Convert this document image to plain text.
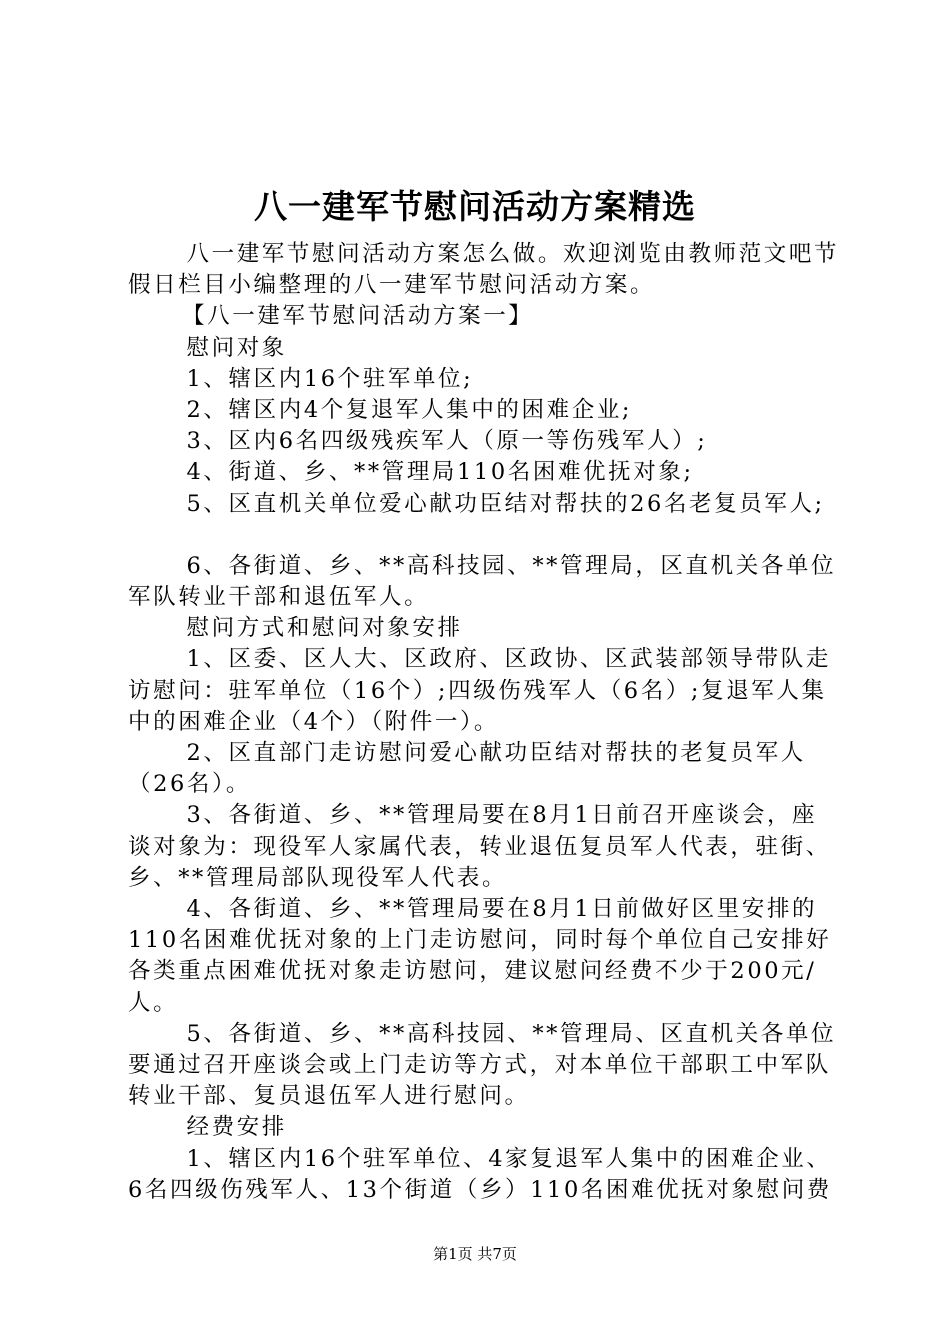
八一建军节慰问活动方案精选

八一建军节慰问活动方案怎么做。欢迎浏览由教师范文吧节假日栏目小编整理的八一建军节慰问活动方案。

【八一建军节慰问活动方案一】

慰问对象

1、辖区内16个驻军单位;

2、辖区内4个复退军人集中的困难企业;

3、区内6名四级残疾军人（原一等伤残军人）;

4、街道、乡、**管理局110名困难优抚对象;

5、区直机关单位爱心献功臣结对帮扶的26名老复员军人;

6、各街道、乡、**高科技园、**管理局，区直机关各单位军队转业干部和退伍军人。

慰问方式和慰问对象安排

1、区委、区人大、区政府、区政协、区武装部领导带队走访慰问：驻军单位（16个）;四级伤残军人（6名）;复退军人集中的困难企业（4个）（附件一）。

2、区直部门走访慰问爱心献功臣结对帮扶的老复员军人（26名）。

3、各街道、乡、**管理局要在8月1日前召开座谈会，座谈对象为：现役军人家属代表，转业退伍复员军人代表，驻街、乡、**管理局部队现役军人代表。

4、各街道、乡、**管理局要在8月1日前做好区里安排的110名困难优抚对象的上门走访慰问，同时每个单位自己安排好各类重点困难优抚对象走访慰问，建议慰问经费不少于200元/人。

5、各街道、乡、**高科技园、**管理局、区直机关各单位要通过召开座谈会或上门走访等方式，对本单位干部职工中军队转业干部、复员退伍军人进行慰问。

经费安排

1、辖区内16个驻军单位、4家复退军人集中的困难企业、6名四级伤残军人、13个街道（乡）110名困难优抚对象慰问费

第1页 共7页
